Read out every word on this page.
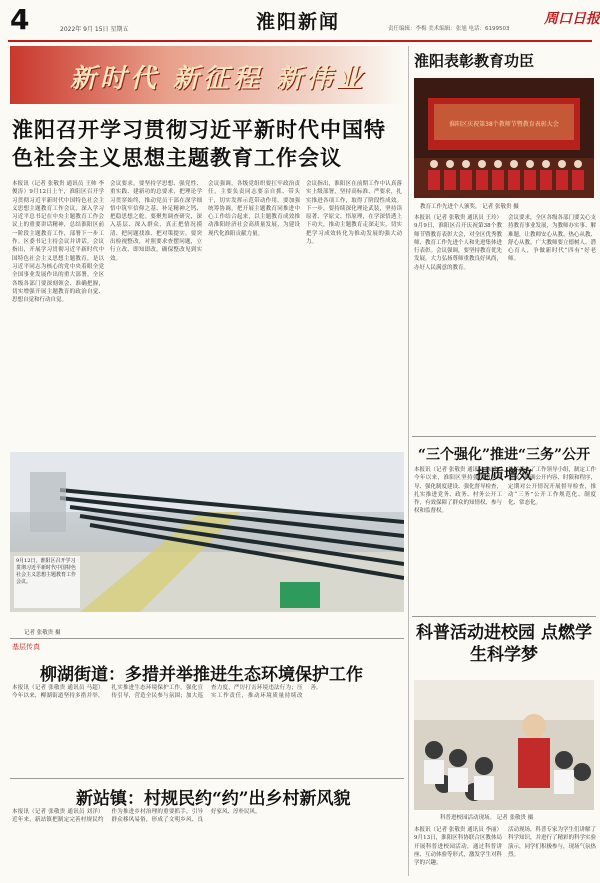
4	2022年 9月 15日 星期五	淮阳新闻	责任编辑：李梅 美术编辑：张旭 电话：6199503
周口日报
新时代 新征程 新伟业
淮阳召开学习贯彻习近平新时代中国特色社会主义思想主题教育工作会议
本报讯（记者 张敬贵 通讯员 王帅 李俊涛）9月12日上午，淮阳区召开学习贯彻习近平新时代中国特色社会主义思想主题教育工作会议，深入学习习近平总书记在中央主题教育工作会议上的重要讲话精神，总结淮阳区前一阶段主题教育工作，部署下一步工作。区委书记主持会议并讲话。会议指出，开展学习贯彻习近平新时代中国特色社会主义思想主题教育，是以习近平同志为核心的党中央着眼全党全国事业发展作出的重大部署。全区各级各部门要深刻领会、准确把握，切实增强开展主题教育的政治自觉、思想自觉和行动自觉。
会议要求，要坚持学思想、强党性、重实践、建新功的总要求，把理论学习贯穿始终，推动党员干部在深学细悟中筑牢信仰之基、补足精神之钙、把稳思想之舵。要聚焦调查研究，深入基层、深入群众，真正把情况摸清、把问题找准、把对策提实。要突出检视整改，对照要求查摆问题，立行立改、即知即改，确保整改见到实效。
会议强调，各级党组织要扛牢政治责任，主要负责同志要亲自抓、带头干，切实发挥示范带动作用。要加强统筹协调，把开展主题教育同推进中心工作结合起来，以主题教育成效推动淮阳经济社会高质量发展，为建设现代化淮阳贡献力量。
会议指出，淮阳区在前期工作中认真落实上级部署，坚持高标准、严要求，扎实推进各项工作，取得了阶段性成效。下一步，要持续深化理论武装，坚持读原著、学原文、悟原理，在学深悟透上下功夫，推动主题教育走深走实，切实把学习成效转化为推动发展的强大动力。
9月12日，淮阳区召开学习贯彻习近平新时代中国特色社会主义思想主题教育工作会议。
记者 张敬贵 摄
淮阳表彰教育功臣
淮阳区庆祝第38个教师节暨教育表彰大会
教育工作先进个人颁奖。 记者 张敬贵 摄
本报讯（记者 张敬贵 通讯员 王玲）9月9日，淮阳区召开庆祝第38个教师节暨教育表彰大会，对全区优秀教师、教育工作先进个人和先进集体进行表彰。会议强调，要坚持教育优先发展，大力弘扬尊师重教良好风尚，办好人民满意的教育。
会议要求，全区各级各部门要关心支持教育事业发展，为教师办实事、解难题，让教师安心从教、热心从教、舒心从教。广大教师要立德树人、潜心育人，争做新时代“四有”好老师。
“三个强化”推进“三务”公开提质增效
本报讯（记者 张敬贵 通讯员 陈斌）今年以来，淮阳区坚持强化组织领导、强化制度建设、强化督导检查，扎实推进党务、政务、村务公开工作，有效保障了群众的知情权、参与权和监督权。
该区成立了工作领导小组，制定工作方案，明确公开内容、时限和程序，定期对公开情况开展督导检查，推动“三务”公开工作规范化、制度化、常态化。
基层传真
柳湖街道：多措并举推进生态环境保护工作
本报讯（记者 张敬贵 通讯员 马超）今年以来，柳湖街道坚持多措并举，扎实推进生态环境保护工作。强化宣传引导，营造全民参与氛围；加大巡查力度，严厉打击环境违法行为；压实工作责任，推动环境质量持续改善。
新站镇：村规民约“约”出乡村新风貌
本报讯（记者 张敬贵 通讯员 刘洋）近年来，新站镇把制定完善村规民约作为推进乡村治理的重要抓手，引导群众移风易俗，形成了文明乡风、良好家风、淳朴民风。
科普活动进校园 点燃学生科学梦
科普进校园活动现场。 记者 张敬贵 摄
本报讯（记者 张敬贵 通讯员 李丽）9月13日，淮阳区科协联合区教体局开展科普进校园活动，通过科普讲座、互动体验等形式，激发学生对科学的兴趣。
活动现场，科普专家为学生们讲解了科学知识，并进行了精彩的科学实验演示，同学们积极参与，现场气氛热烈。
